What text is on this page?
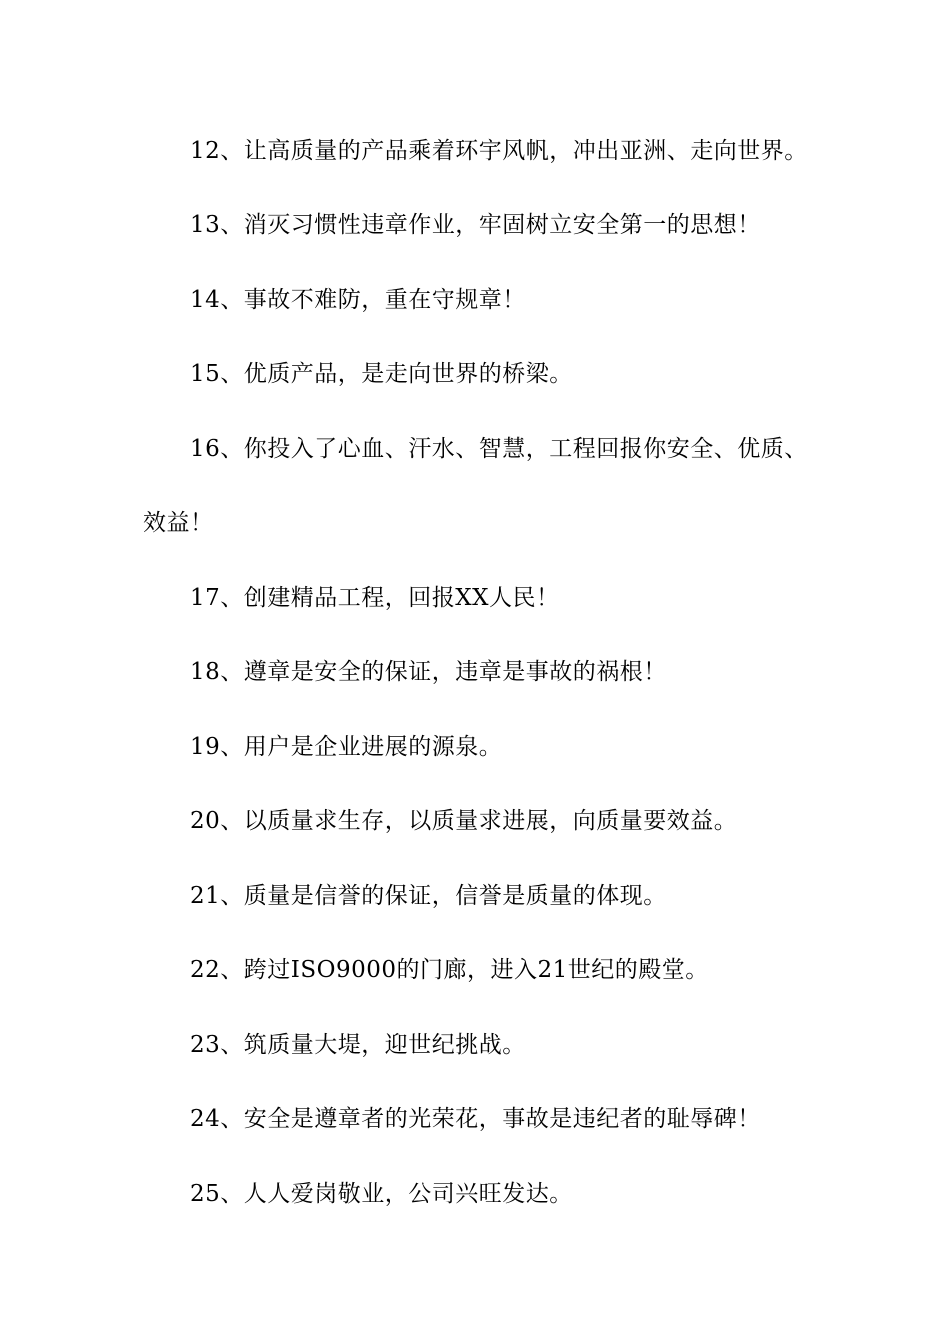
12、让高质量的产品乘着环宇风帆，冲出亚洲、走向世界。
13、消灭习惯性违章作业，牢固树立安全第一的思想！
14、事故不难防，重在守规章！
15、优质产品，是走向世界的桥梁。
16、你投入了心血、汗水、智慧，工程回报你安全、优质、
效益！
17、创建精品工程，回报XX人民！
18、遵章是安全的保证，违章是事故的祸根！
19、用户是企业进展的源泉。
20、以质量求生存，以质量求进展，向质量要效益。
21、质量是信誉的保证，信誉是质量的体现。
22、跨过ISO9000的门廊，进入21世纪的殿堂。
23、筑质量大堤，迎世纪挑战。
24、安全是遵章者的光荣花，事故是违纪者的耻辱碑！
25、人人爱岗敬业，公司兴旺发达。
